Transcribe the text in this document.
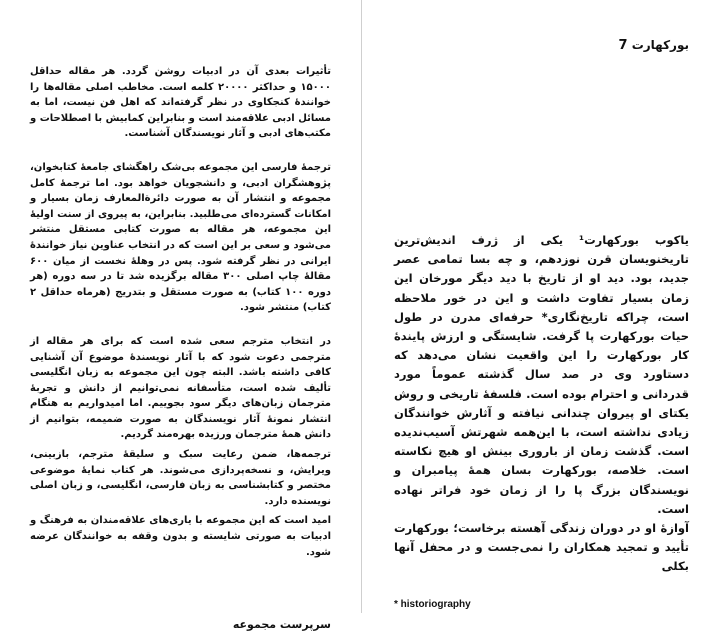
تأثیرات بعدی آن در ادبیات روشن گردد. هر مقاله حداقل ۱۵۰۰۰ و حداکثر ۲۰۰۰۰ کلمه است. مخاطب اصلی مقاله‌ها را خوانندهٔ کنجکاوی در نظر گرفته‌اند که اهل فن نیست، اما به مسائل ادبی علاقه‌مند است و بنابراین کمابیش با اصطلاحات و مکتب‌های ادبی و آثار نویسندگان آشناست.

ترجمهٔ فارسی این مجموعه بی‌شک راهگشای جامعهٔ کتابخوان، پژوهشگران ادبی، و دانشجویان خواهد بود. اما ترجمهٔ کامل مجموعه و انتشار آن به صورت دائرةالمعارف زمان بسیار و امکانات گسترده‌ای می‌طلبید. بنابراین، به پیروی از سنت اولیهٔ این مجموعه، هر مقاله به صورت کتابی مستقل منتشر می‌شود و سعی بر این است که در انتخاب عناوین نیاز خوانندهٔ ایرانی در نظر گرفته شود. پس در وهلهٔ نخست از میان ۶۰۰ مقالهٔ چاپ اصلی ۳۰۰ مقاله برگزیده شد تا در سه دوره (هر دوره ۱۰۰ کتاب) به صورت مستقل و بتدریج (هرماه حداقل ۲ کتاب) منتشر شود.

در انتخاب مترجم سعی شده است که برای هر مقاله از مترجمی دعوت شود که با آثار نویسندهٔ موضوع آن آشنایی کافی داشته باشد. البته چون این مجموعه به زبان انگلیسی تألیف شده است، متأسفانه نمی‌توانیم از دانش و تجربهٔ مترجمان زبان‌های دیگر سود بجوییم. اما امیدواریم به هنگام انتشار نمونهٔ آثار نویسندگان به صورت ضمیمه، بتوانیم از دانش همهٔ مترجمان ورزیده بهره‌مند گردیم.

ترجمه‌ها، ضمن رعایت سبک و سلیقهٔ مترجم، بازبینی، ویرایش، و نسخه‌پردازی می‌شوند. هر کتاب نمایهٔ موضوعی مختصر و کتابشناسی به زبان فارسی، انگلیسی، و زبان اصلی نویسنده دارد.

امید است که این مجموعه با یاری‌های علاقه‌مندان به فرهنگ و ادبیات به صورتی شایسته و بدون وقفه به خوانندگان عرضه شود.

سرپرست مجموعه
بورکهارت 7

یاکوب بورکهارت¹ یکی از ژرف اندیش‌ترین تاریخنویسان قرن نوزدهم، و چه بسا تمامی عصر جدید، بود. دید او از تاریخ با دید دیگر مورخان این زمان بسیار تفاوت داشت و این در خور ملاحظه است، چراکه تاریخ‌نگاری* حرفه‌ای مدرن در طول حیات بورکهارت پا گرفت. شایستگی و ارزش پایندهٔ کار بورکهارت را این واقعیت نشان می‌دهد که دستاورد وی در صد سال گذشته عموماً مورد قدردانی و احترام بوده است. فلسفهٔ تاریخی و روش یکتای او پیروان چندانی نیافته و آثارش خوانندگان زیادی نداشته است، با این‌همه شهرتش آسیب‌ندیده است. گذشت زمان از باروری بینش او هیچ نکاسته است. خلاصه، بورکهارت بسان همهٔ پیامبران و نویسندگان بزرگ پا را از زمان خود فراتر نهاده است.

آوازهٔ او در دوران زندگی آهسته برخاست؛ بورکهارت تأیید و تمجید همکاران را نمی‌جست و در محفل آنها بکلی

* historiography
